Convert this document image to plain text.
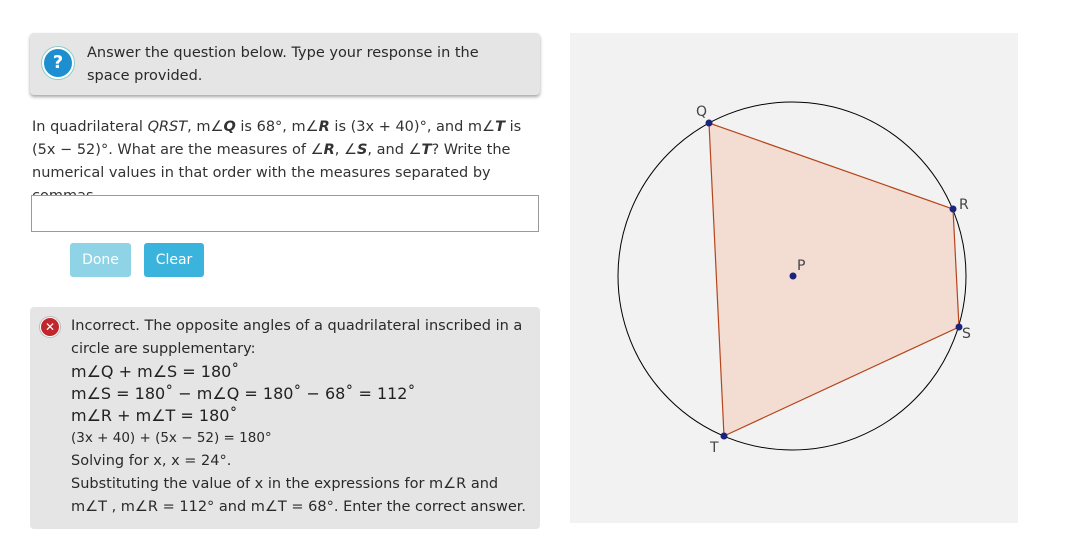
?	Answer the question below. Type your response in the space provided.
In quadrilateral QRST, m∠Q is 68°, m∠R is (3x + 40)°, and m∠T is (5x − 52)°. What are the measures of ∠R, ∠S, and ∠T? Write the numerical values in that order with the measures separated by
Done	Clear
✕ Incorrect. The opposite angles of a quadrilateral inscribed in a circle are supplementary:
m∠Q + m∠S = 180˚
m∠S = 180˚ − m∠Q = 180˚ − 68˚ = 112˚
m∠R + m∠T = 180˚
(3x + 40) + (5x − 52) = 180°
Solving for x, x = 24°.
Substituting the value of x in the expressions for m∠R and m∠T , m∠R = 112° and m∠T = 68°. Enter the correct answer.
Q
R
S
T
P
